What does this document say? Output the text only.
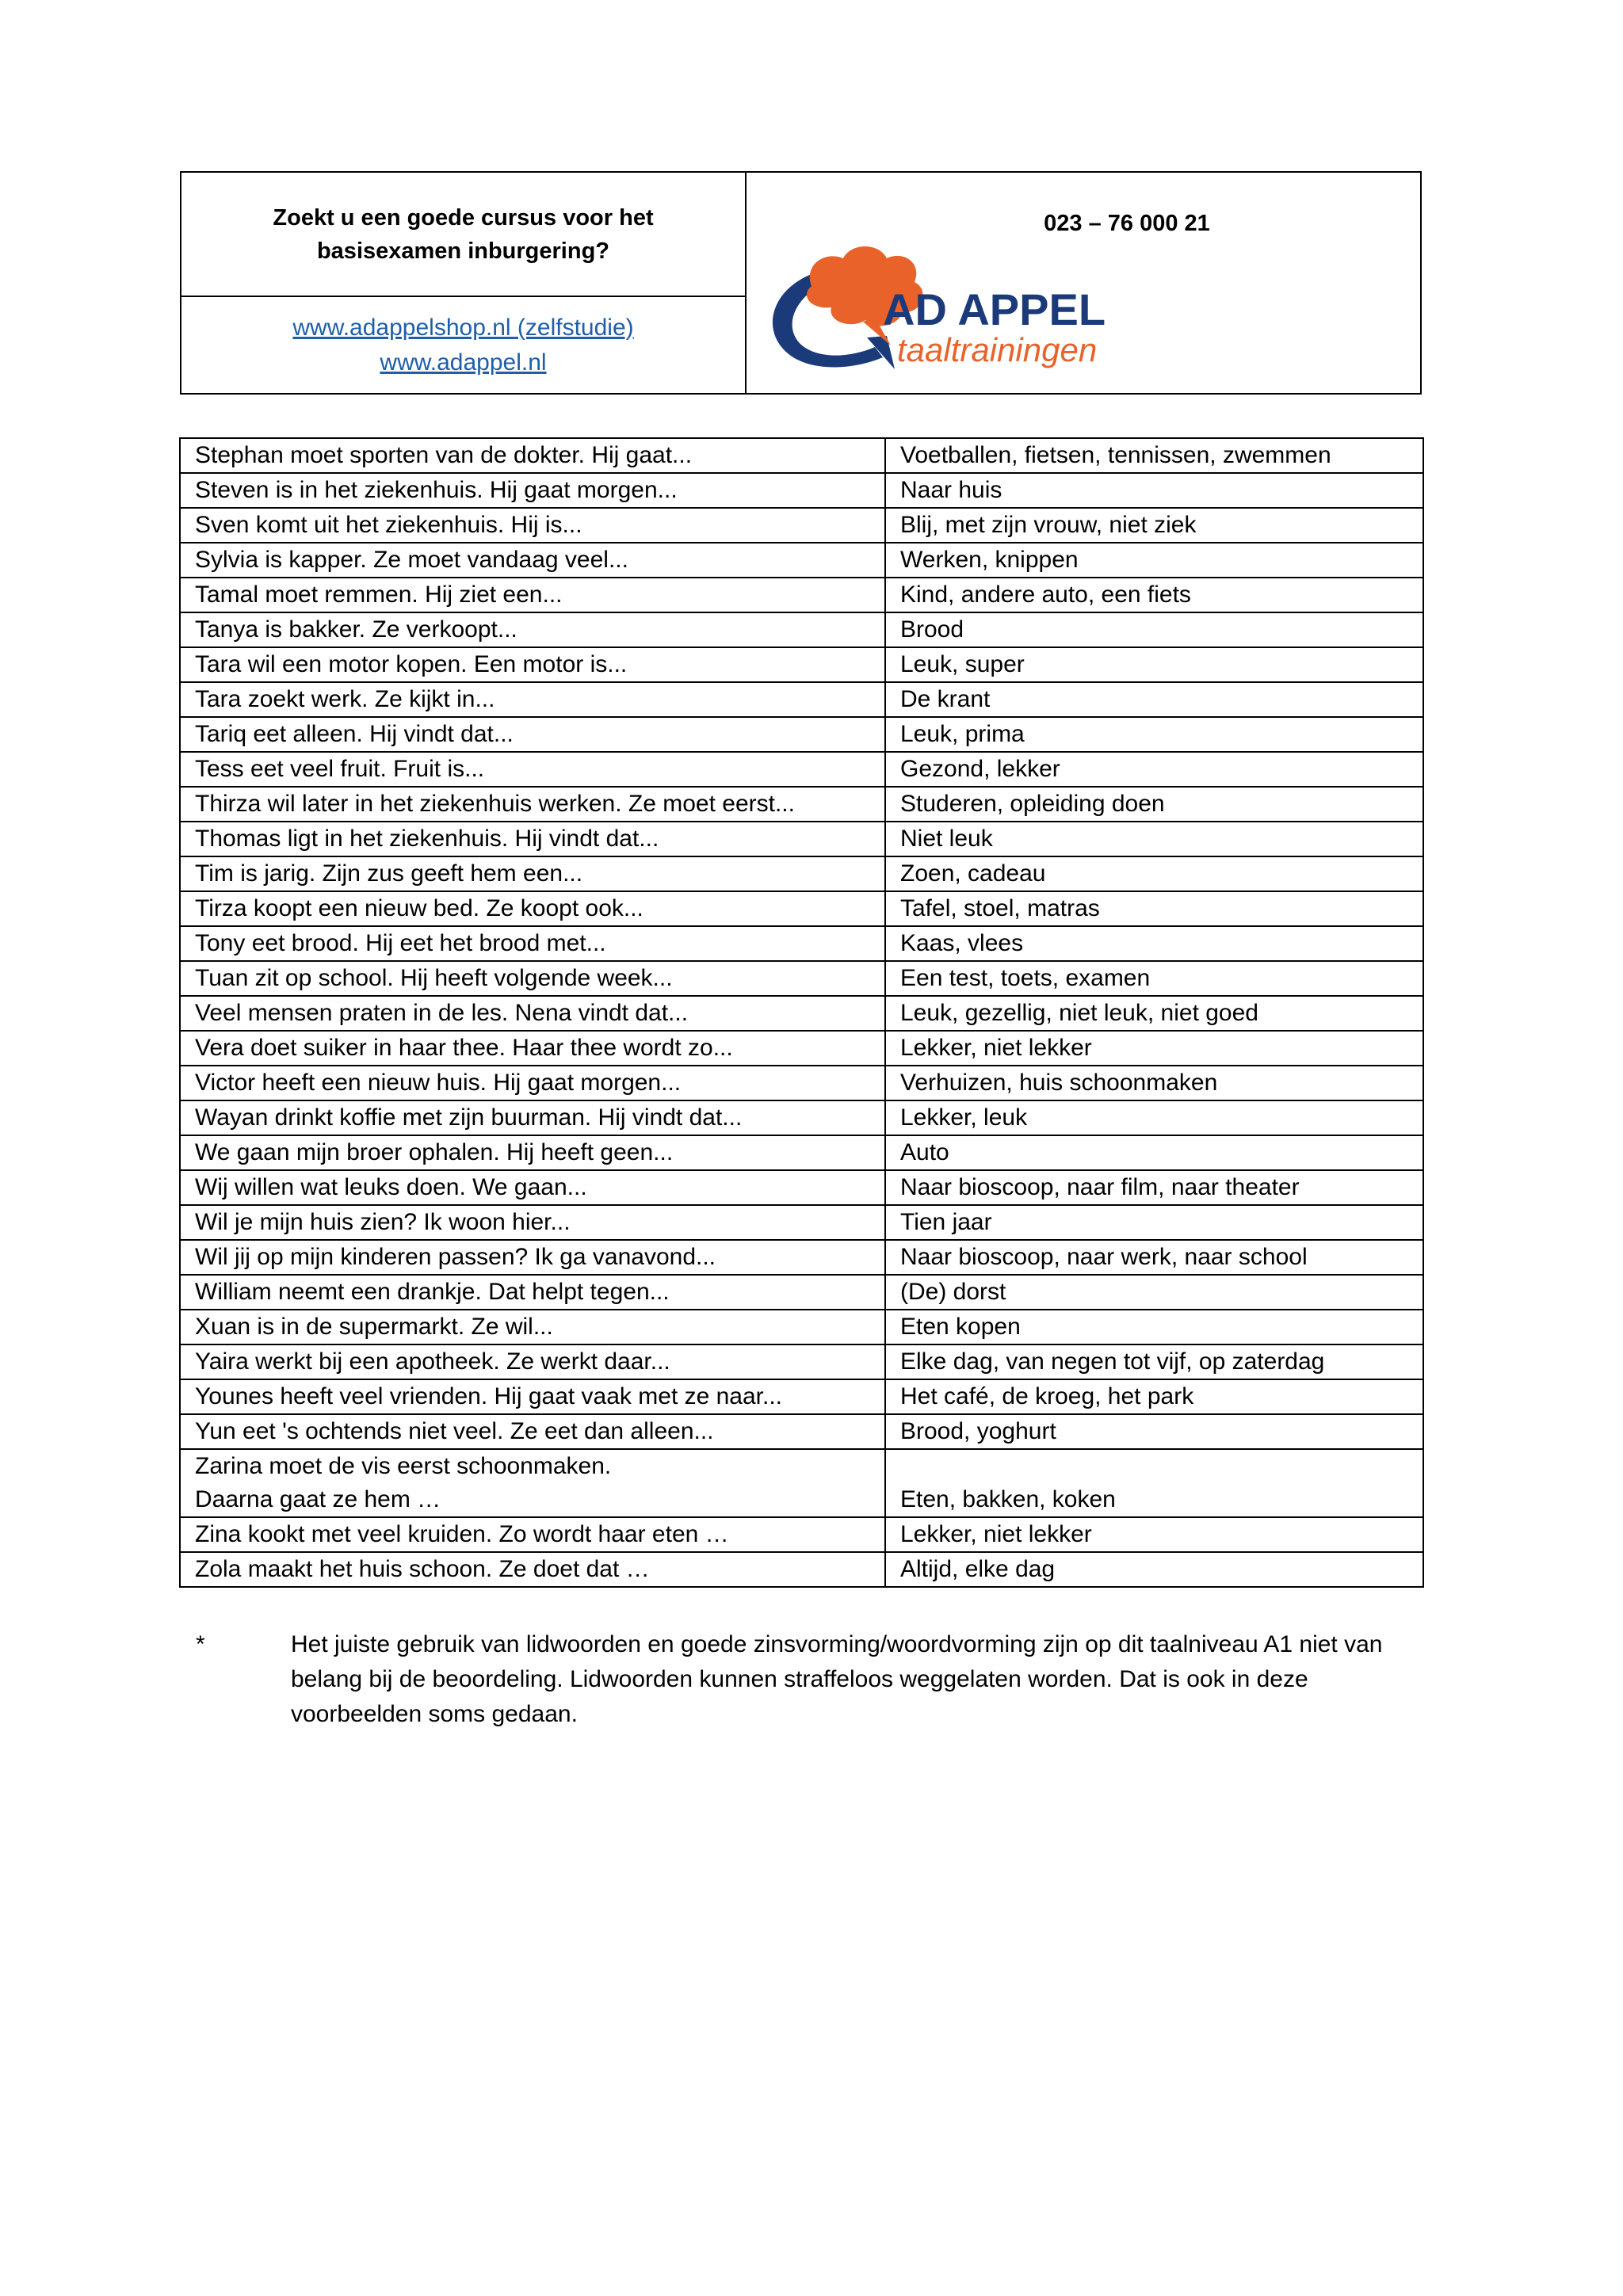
Zoekt u een goede cursus voor het basisexamen inburgering?
www.adappelshop.nl (zelfstudie)
www.adappel.nl
023 – 76 000 21
AD APPEL
taaltrainingen
Stephan moet sporten van de dokter. Hij gaat...	Voetballen, fietsen, tennissen, zwemmen

Steven is in het ziekenhuis. Hij gaat morgen...	Naar huis

Sven komt uit het ziekenhuis. Hij is...	Blij, met zijn vrouw, niet ziek

Sylvia is kapper. Ze moet vandaag veel...	Werken, knippen

Tamal moet remmen. Hij ziet een...	Kind, andere auto, een fiets

Tanya is bakker. Ze verkoopt...	Brood

Tara wil een motor kopen. Een motor is...	Leuk, super

Tara zoekt werk. Ze kijkt in...	De krant

Tariq eet alleen. Hij vindt dat...	Leuk, prima

Tess eet veel fruit. Fruit is...	Gezond, lekker

Thirza wil later in het ziekenhuis werken. Ze moet eerst...	Studeren, opleiding doen

Thomas ligt in het ziekenhuis. Hij vindt dat...	Niet leuk

Tim is jarig. Zijn zus geeft hem een...	Zoen, cadeau

Tirza koopt een nieuw bed. Ze koopt ook...	Tafel, stoel, matras

Tony eet brood. Hij eet het brood met...	Kaas, vlees

Tuan zit op school. Hij heeft volgende week...	Een test, toets, examen

Veel mensen praten in de les. Nena vindt dat...	Leuk, gezellig, niet leuk, niet goed

Vera doet suiker in haar thee. Haar thee wordt zo...	Lekker, niet lekker

Victor heeft een nieuw huis. Hij gaat morgen...	Verhuizen, huis schoonmaken

Wayan drinkt koffie met zijn buurman. Hij vindt dat...	Lekker, leuk

We gaan mijn broer ophalen. Hij heeft geen...	Auto

Wij willen wat leuks doen. We gaan...	Naar bioscoop, naar film, naar theater

Wil je mijn huis zien? Ik woon hier...	Tien jaar

Wil jij op mijn kinderen passen? Ik ga vanavond...	Naar bioscoop, naar werk, naar school

William neemt een drankje. Dat helpt tegen...	(De) dorst

Xuan is in de supermarkt. Ze wil...	Eten kopen

Yaira werkt bij een apotheek. Ze werkt daar...	Elke dag, van negen tot vijf, op zaterdag

Younes heeft veel vrienden. Hij gaat vaak met ze naar...	Het café, de kroeg, het park

Yun eet 's ochtends niet veel. Ze eet dan alleen...	Brood, yoghurt

Zarina moet de vis eerst schoonmaken.
Daarna gaat ze hem …	Eten, bakken, koken

Zina kookt met veel kruiden. Zo wordt haar eten …	Lekker, niet lekker

Zola maakt het huis schoon. Ze doet dat …	Altijd, elke dag
*	Het juiste gebruik van lidwoorden en goede zinsvorming/woordvorming zijn op dit taalniveau A1 niet van belang bij de beoordeling. Lidwoorden kunnen straffeloos weggelaten worden. Dat is ook in deze voorbeelden soms gedaan.
